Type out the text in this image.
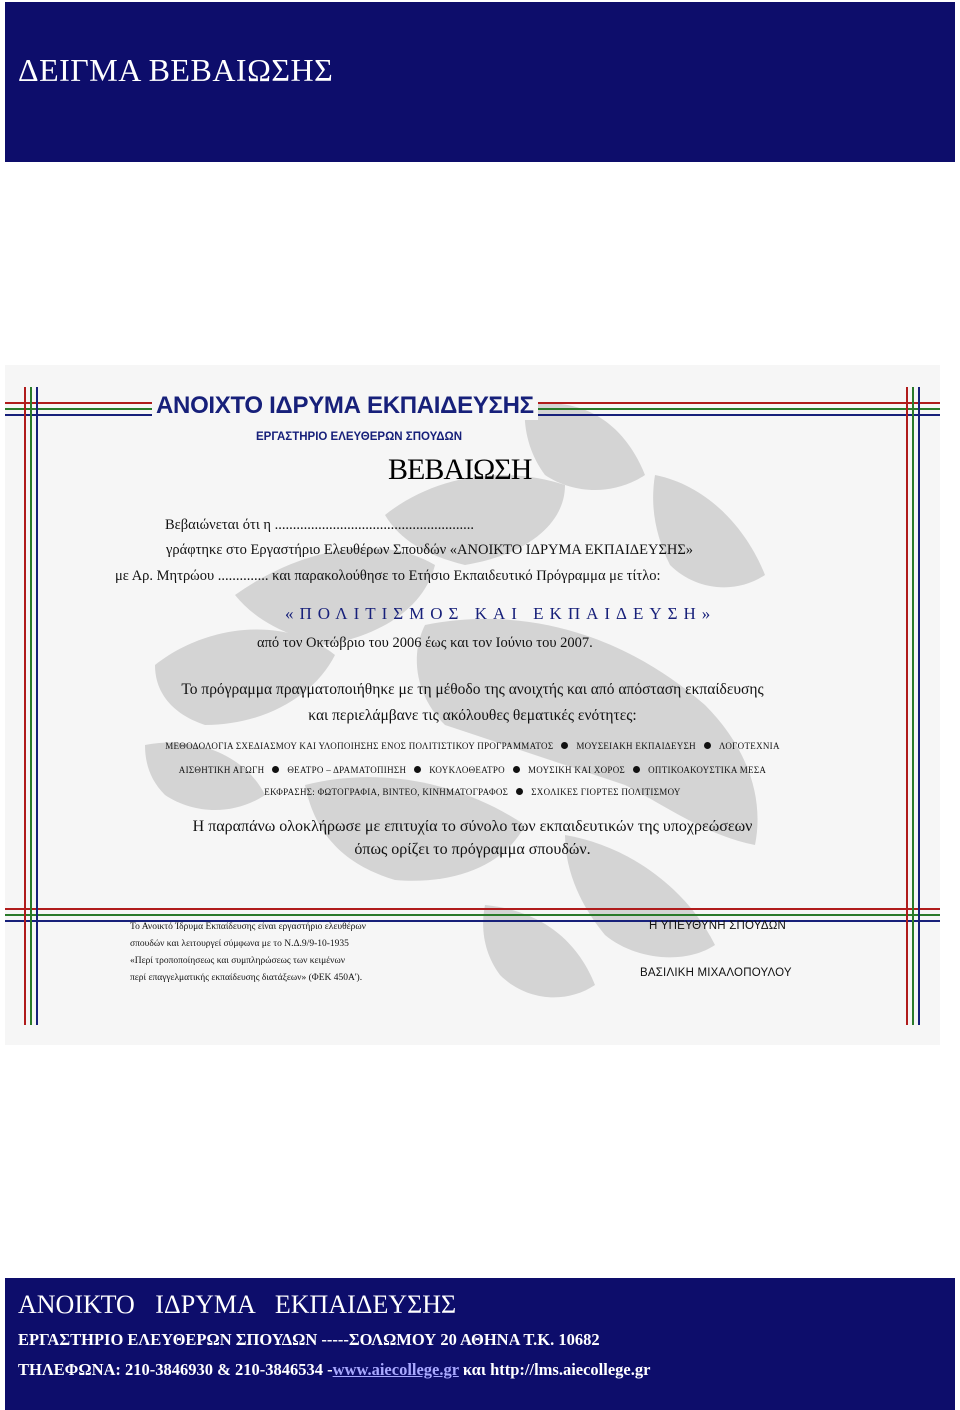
ΔΕΙΓΜΑ ΒΕΒΑΙΩΣΗΣ
ΑΝΟΙΧΤΟ ΙΔΡΥΜΑ ΕΚΠΑΙΔΕΥΣΗΣ
ΕΡΓΑΣΤΗΡΙΟ ΕΛΕΥΘΕΡΩΝ ΣΠΟΥΔΩΝ
ΒΕΒΑΙΩΣΗ
Βεβαιώνεται ότι η .......................................................
γράφτηκε στο Εργαστήριο Ελευθέρων Σπουδών «ΑΝΟΙΚΤΟ ΙΔΡΥΜΑ ΕΚΠΑΙΔΕΥΣΗΣ»
με Αρ. Μητρώου .............. και παρακολούθησε το Ετήσιο Εκπαιδευτικό Πρόγραμμα με τίτλο:
«ΠΟΛΙΤΙΣΜΟΣ ΚΑΙ ΕΚΠΑΙΔΕΥΣΗ»
από τον Οκτώβριο του 2006 έως και τον Ιούνιο του 2007.
Το πρόγραμμα πραγματοποιήθηκε με τη μέθοδο της ανοιχτής και από απόσταση εκπαίδευσης
και περιελάμβανε τις ακόλουθες θεματικές ενότητες:
ΜΕΘΟΔΟΛΟΓΙΑ ΣΧΕΔΙΑΣΜΟΥ ΚΑΙ ΥΛΟΠΟΙΗΣΗΣ ΕΝΟΣ ΠΟΛΙΤΙΣΤΙΚΟΥ ΠΡΟΓΡΑΜΜΑΤΟΣ	ΜΟΥΣΕΙΑΚΗ ΕΚΠΑΙΔΕΥΣΗ	ΛΟΓΟΤΕΧΝΙΑ
ΑΙΣΘΗΤΙΚΗ ΑΓΩΓΗ	ΘΕΑΤΡΟ – ΔΡΑΜΑΤΟΠΙΗΣΗ	ΚΟΥΚΛΟΘΕΑΤΡΟ	ΜΟΥΣΙΚΗ ΚΑΙ ΧΟΡΟΣ	ΟΠΤΙΚΟΑΚΟΥΣΤΙΚΑ ΜΕΣΑ
ΕΚΦΡΑΣΗΣ: ΦΩΤΟΓΡΑΦΙΑ, ΒΙΝΤΕΟ, ΚΙΝΗΜΑΤΟΓΡΑΦΟΣ	ΣΧΟΛΙΚΕΣ ΓΙΟΡΤΕΣ ΠΟΛΙΤΙΣΜΟΥ
Η παραπάνω ολοκλήρωσε με επιτυχία το σύνολο των εκπαιδευτικών της υποχρεώσεων
όπως ορίζει το πρόγραμμα σπουδών.
Το Ανοικτό Ίδρυμα Εκπαίδευσης είναι εργαστήριο ελευθέρων
σπουδών και λειτουργεί σύμφωνα με το Ν.Δ.9/9-10-1935
«Περί τροποποίησεως και συμπληρώσεως των κειμένων
περί επαγγελματικής εκπαίδευσης διατάξεων» (ΦΕΚ 450Α').
Η ΥΠΕΥΘΥΝΗ ΣΠΟΥΔΩΝ
ΒΑΣΙΛΙΚΗ ΜΙΧΑΛΟΠΟΥΛΟΥ
ΑΝΟΙΚΤΟ ΙΔΡΥΜΑ ΕΚΠΑΙΔΕΥΣΗΣ
ΕΡΓΑΣΤΗΡΙΟ ΕΛΕΥΘΕΡΩΝ ΣΠΟΥΔΩΝ -----ΣΟΛΩΜΟΥ 20 ΑΘΗΝΑ Τ.Κ. 10682
ΤΗΛΕΦΩΝΑ: 210-3846930 & 210-3846534 -www.aiecollege.gr και http://lms.aiecollege.gr
